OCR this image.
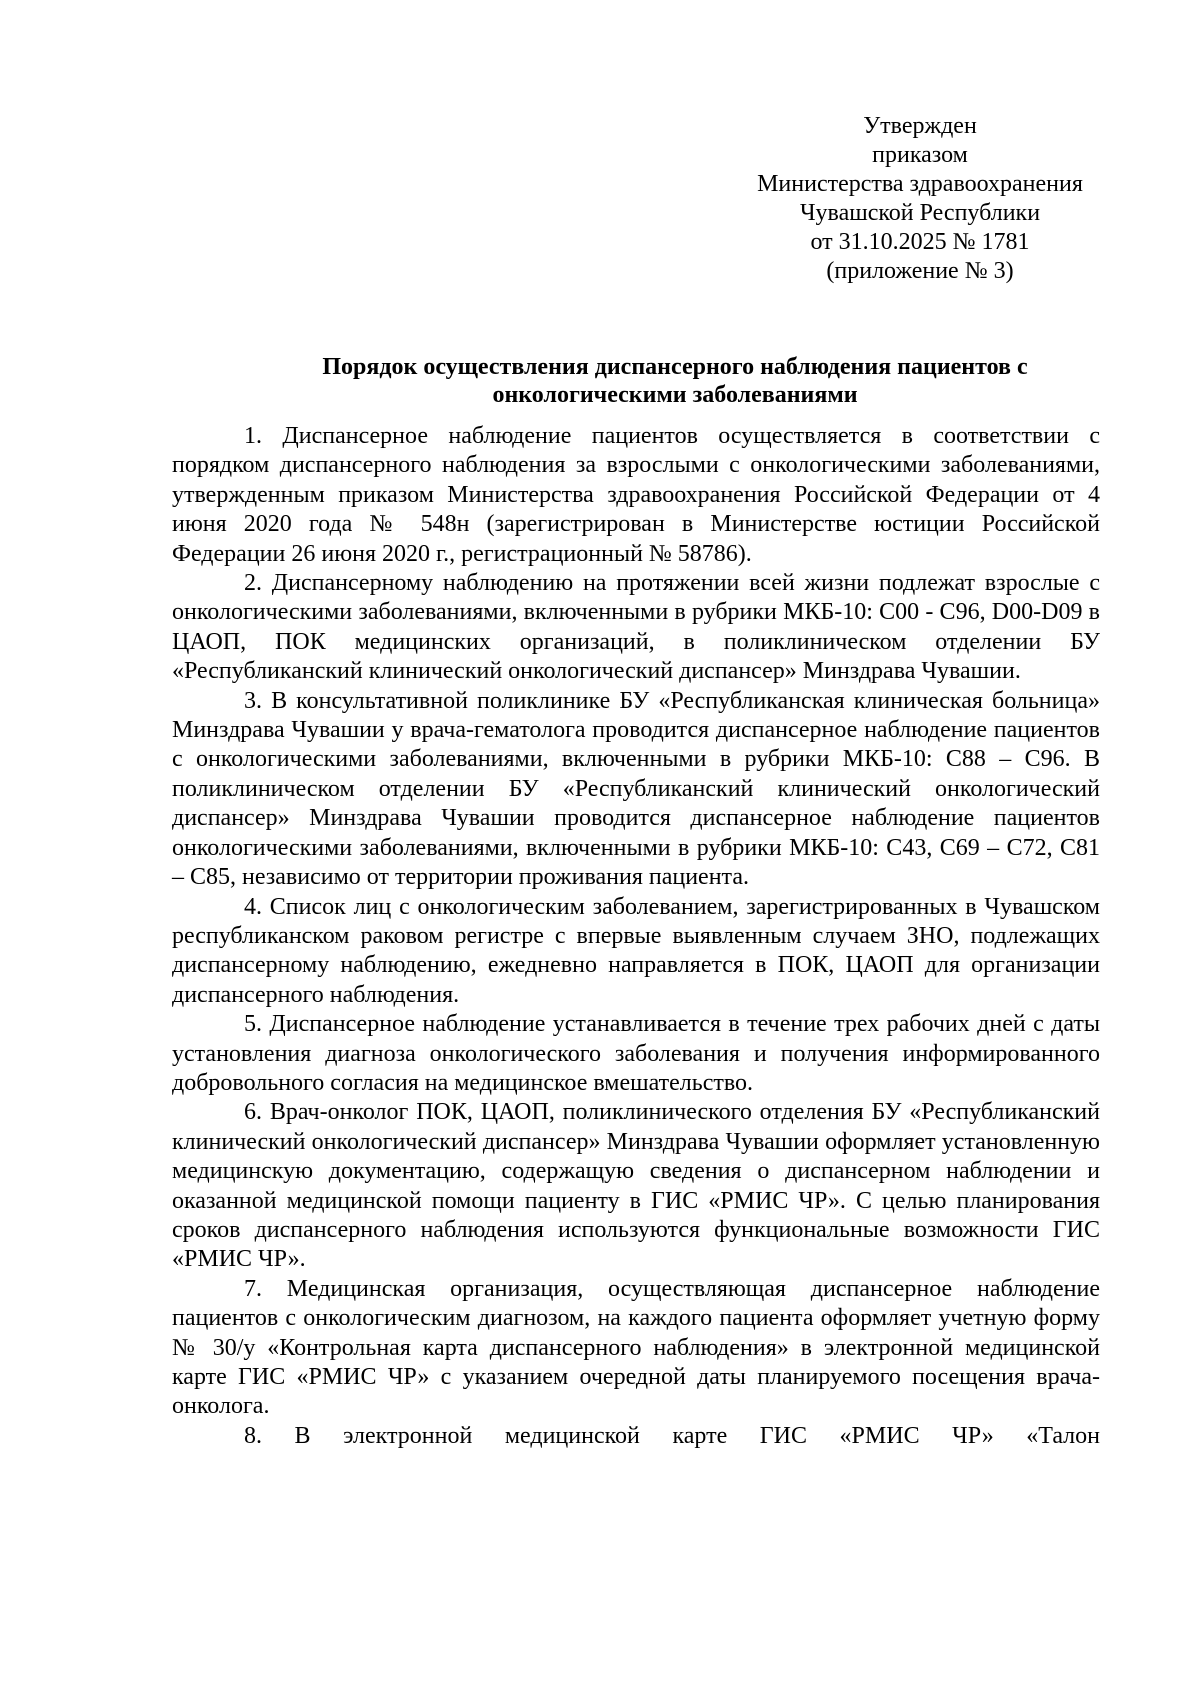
Утвержден
приказом
Министерства здравоохранения
Чувашской Республики
от 31.10.2025 № 1781
(приложение № 3)
Порядок осуществления диспансерного наблюдения пациентов с
онкологическими заболеваниями

1. Диспансерное наблюдение пациентов осуществляется в соответствии с порядком диспансерного наблюдения за взрослыми с онкологическими заболеваниями, утвержденным приказом Министерства здравоохранения Российской Федерации от 4 июня 2020 года № 548н (зарегистрирован в Министерстве юстиции Российской Федерации 26 июня 2020 г., регистрационный № 58786).

2. Диспансерному наблюдению на протяжении всей жизни подлежат взрослые с онкологическими заболеваниями, включенными в рубрики МКБ-10: С00 - С96, D00-D09 в ЦАОП, ПОК медицинских организаций, в поликлиническом отделении БУ «Республиканский клинический онкологический диспансер» Минздрава Чувашии.

3. В консультативной поликлинике БУ «Республиканская клиническая больница» Минздрава Чувашии у врача-гематолога проводится диспансерное наблюдение пациентов с онкологическими заболеваниями, включенными в рубрики МКБ-10: С88 – С96. В поликлиническом отделении БУ «Республиканский клинический онкологический диспансер» Минздрава Чувашии проводится диспансерное наблюдение пациентов онкологическими заболеваниями, включенными в рубрики МКБ-10: С43, С69 – С72, С81 – С85, независимо от территории проживания пациента.

4. Список лиц с онкологическим заболеванием, зарегистрированных в Чувашском республиканском раковом регистре с впервые выявленным случаем ЗНО, подлежащих диспансерному наблюдению, ежедневно направляется в ПОК, ЦАОП для организации диспансерного наблюдения.

5. Диспансерное наблюдение устанавливается в течение трех рабочих дней с даты установления диагноза онкологического заболевания и получения информированного добровольного согласия на медицинское вмешательство.

6. Врач-онколог ПОК, ЦАОП, поликлинического отделения БУ «Республиканский клинический онкологический диспансер» Минздрава Чувашии оформляет установленную медицинскую документацию, содержащую сведения о диспансерном наблюдении и оказанной медицинской помощи пациенту в ГИС «РМИС ЧР». С целью планирования сроков диспансерного наблюдения используются функциональные возможности ГИС «РМИС ЧР».

7. Медицинская организация, осуществляющая диспансерное наблюдение пациентов с онкологическим диагнозом, на каждого пациента оформляет учетную форму № 30/у «Контрольная карта диспансерного наблюдения» в электронной медицинской карте ГИС «РМИС ЧР» с указанием очередной даты планируемого посещения врача-онколога.

8. В электронной медицинской карте ГИС «РМИС ЧР» «Талон
